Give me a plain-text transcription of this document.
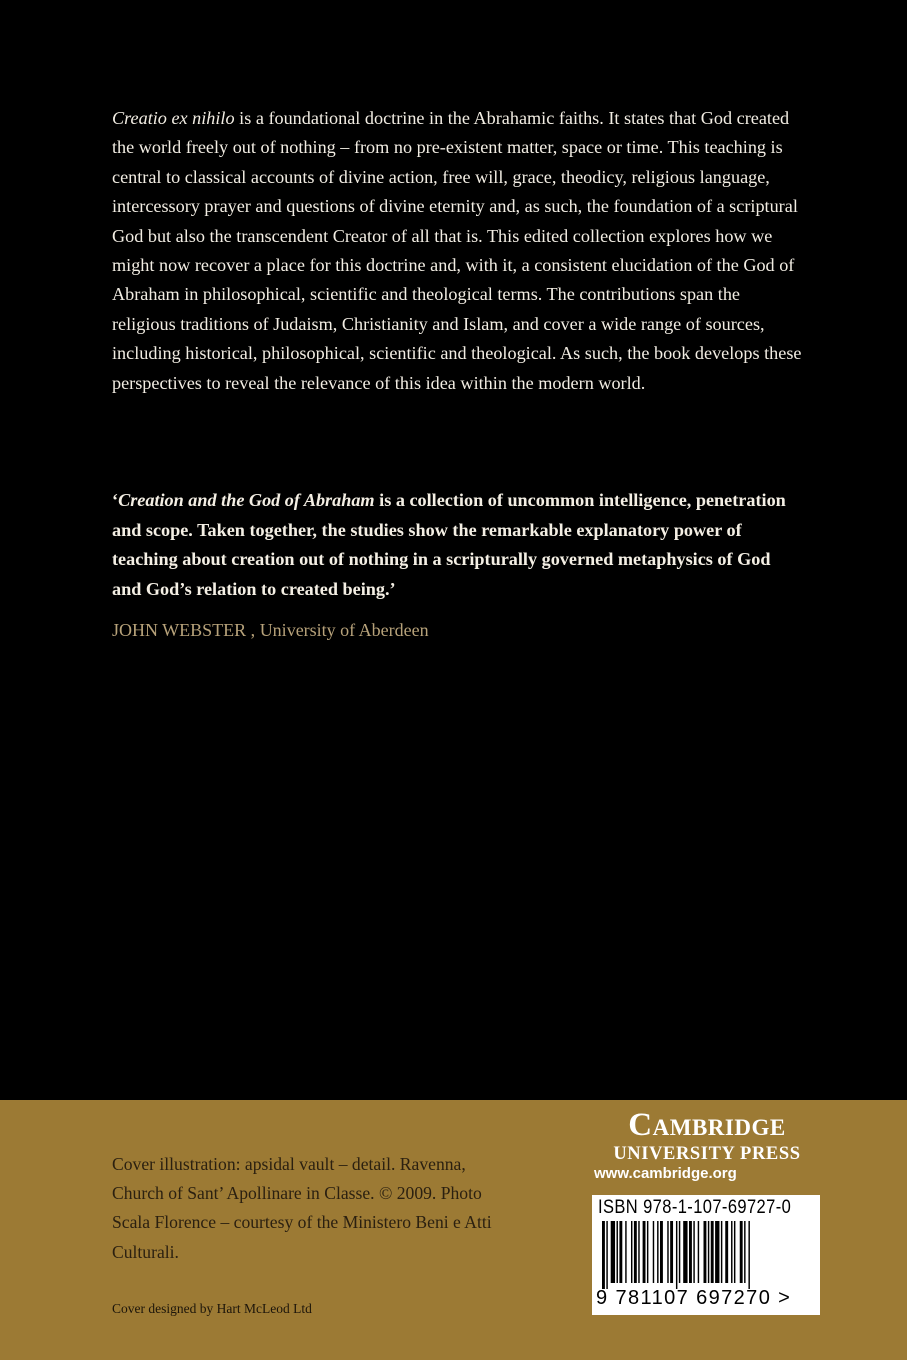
Creatio ex nihilo is a foundational doctrine in the Abrahamic faiths. It states that God created the world freely out of nothing – from no pre-existent matter, space or time. This teaching is central to classical accounts of divine action, free will, grace, theodicy, religious language, intercessory prayer and questions of divine eternity and, as such, the foundation of a scriptural God but also the transcendent Creator of all that is. This edited collection explores how we might now recover a place for this doctrine and, with it, a consistent elucidation of the God of Abraham in philosophical, scientific and theological terms. The contributions span the religious traditions of Judaism, Christianity and Islam, and cover a wide range of sources, including historical, philosophical, scientific and theological. As such, the book develops these perspectives to reveal the relevance of this idea within the modern world.

‘Creation and the God of Abraham is a collection of uncommon intelligence, penetration and scope. Taken together, the studies show the remarkable explanatory power of teaching about creation out of nothing in a scripturally governed metaphysics of God and God’s relation to created being.’

JOHN WEBSTER , University of Aberdeen

Cover illustration: apsidal vault – detail. Ravenna, Church of Sant’ Apollinare in Classe. © 2009. Photo Scala Florence – courtesy of the Ministero Beni e Atti Culturali.

Cover designed by Hart McLeod Ltd

Cambridge
UNIVERSITY PRESS
www.cambridge.org
ISBN 978-1-107-69727-0
9 781107 697270 >
